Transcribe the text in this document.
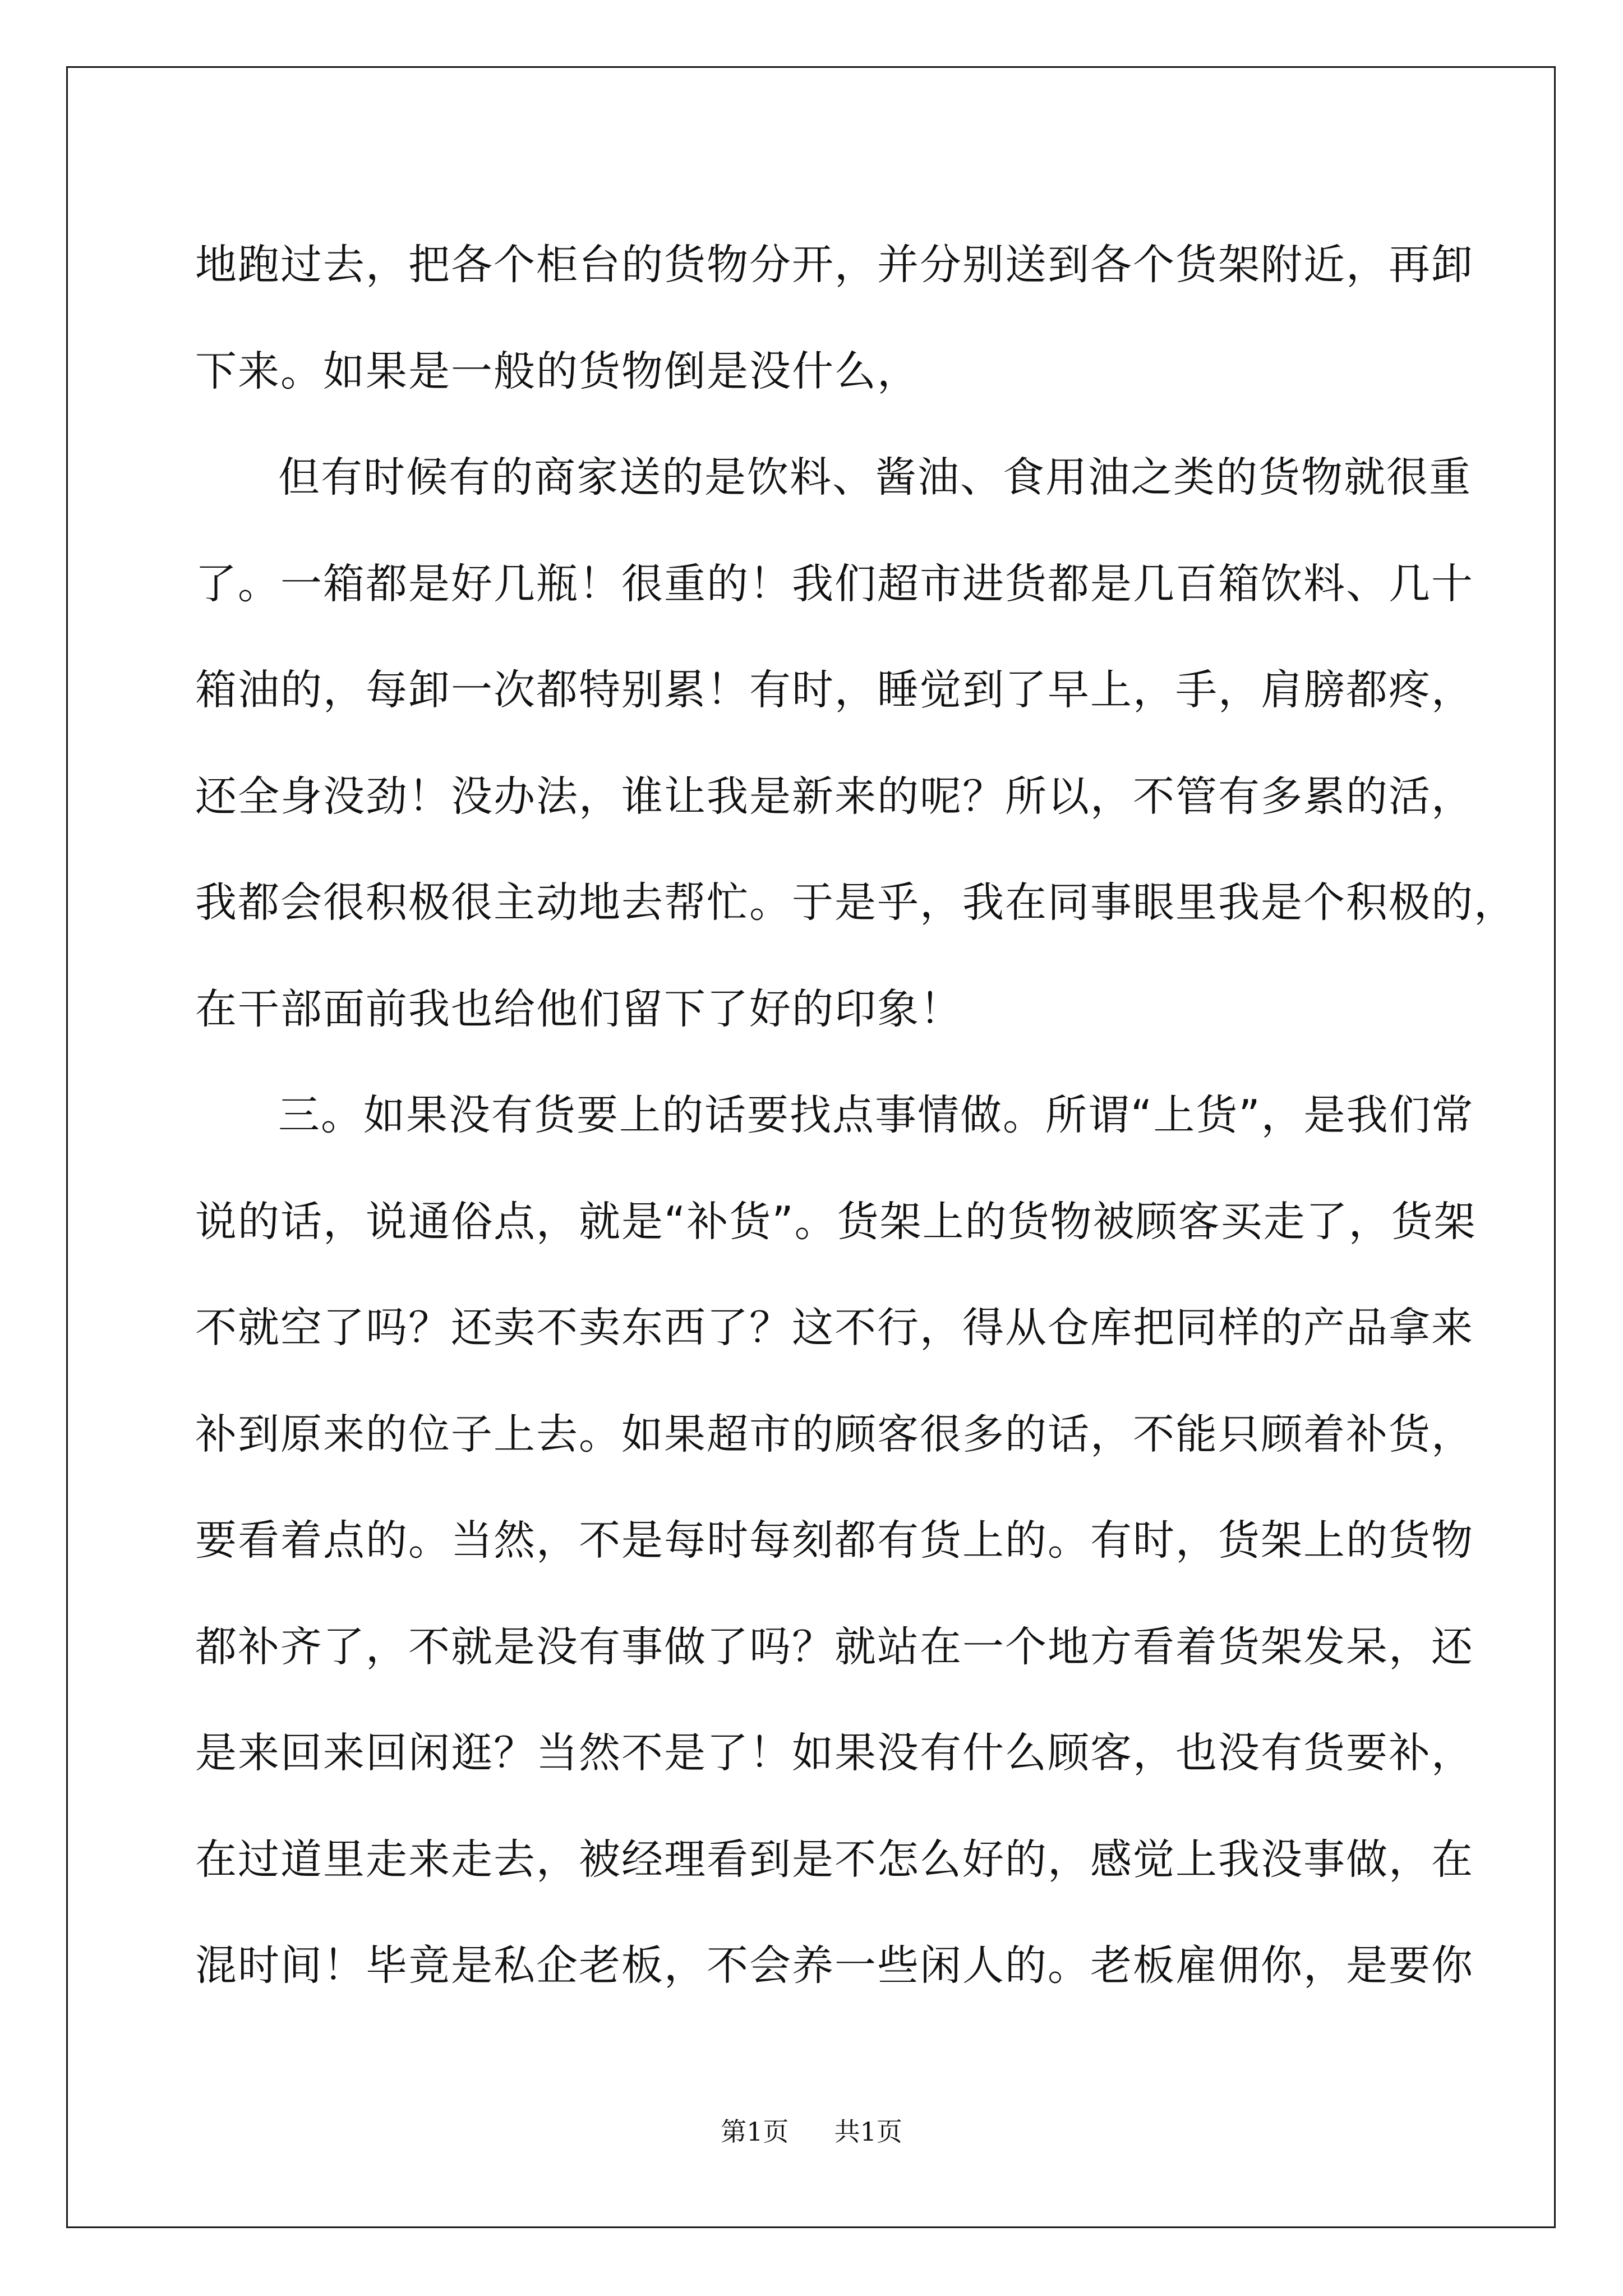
地跑过去，把各个柜台的货物分开，并分别送到各个货架附近，再卸
下来。如果是一般的货物倒是没什么，
但有时候有的商家送的是饮料、酱油、食用油之类的货物就很重
了。一箱都是好几瓶！很重的！我们超市进货都是几百箱饮料、几十
箱油的，每卸一次都特别累！有时，睡觉到了早上，手，肩膀都疼，
还全身没劲！没办法，谁让我是新来的呢？所以，不管有多累的活，
我都会很积极很主动地去帮忙。于是乎，我在同事眼里我是个积极的，
在干部面前我也给他们留下了好的印象！
三。如果没有货要上的话要找点事情做。所谓“上货”，是我们常
说的话，说通俗点，就是“补货”。货架上的货物被顾客买走了，货架
不就空了吗？还卖不卖东西了？这不行，得从仓库把同样的产品拿来
补到原来的位子上去。如果超市的顾客很多的话，不能只顾着补货，
要看着点的。当然，不是每时每刻都有货上的。有时，货架上的货物
都补齐了，不就是没有事做了吗？就站在一个地方看着货架发呆，还
是来回来回闲逛？当然不是了！如果没有什么顾客，也没有货要补，
在过道里走来走去，被经理看到是不怎么好的，感觉上我没事做，在
混时间！毕竟是私企老板，不会养一些闲人的。老板雇佣你，是要你
第1页 共1页
